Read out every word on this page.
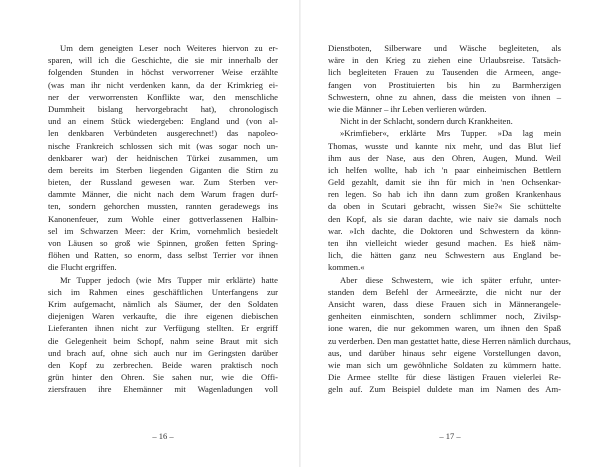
Um dem geneigten Leser noch Weiteres hiervon zu er-
sparen, will ich die Geschichte, die sie mir innerhalb der
folgenden Stunden in höchst verworrener Weise erzählte
(was man ihr nicht verdenken kann, da der Krimkrieg ei-
ner der verworrensten Konflikte war, den menschliche
Dummheit bislang hervorgebracht hat), chronologisch
und an einem Stück wiedergeben: England und (von al-
len denkbaren Verbündeten ausgerechnet!) das napoleo-
nische Frankreich schlossen sich mit (was sogar noch un-
denkbarer war) der heidnischen Türkei zusammen, um
dem bereits im Sterben liegenden Giganten die Stirn zu
bieten, der Russland gewesen war. Zum Sterben ver-
dammte Männer, die nicht nach dem Warum fragen durf-
ten, sondern gehorchen mussten, rannten geradewegs ins
Kanonenfeuer, zum Wohle einer gottverlassenen Halbin-
sel im Schwarzen Meer: der Krim, vornehmlich besiedelt
von Läusen so groß wie Spinnen, großen fetten Spring-
flöhen und Ratten, so enorm, dass selbst Terrier vor ihnen
die Flucht ergriffen.
Mr Tupper jedoch (wie Mrs Tupper mir erklärte) hatte
sich im Rahmen eines geschäftlichen Unterfangens zur
Krim aufgemacht, nämlich als Säumer, der den Soldaten
diejenigen Waren verkaufte, die ihre eigenen diebischen
Lieferanten ihnen nicht zur Verfügung stellten. Er ergriff
die Gelegenheit beim Schopf, nahm seine Braut mit sich
und brach auf, ohne sich auch nur im Geringsten darüber
den Kopf zu zerbrechen. Beide waren praktisch noch
grün hinter den Ohren. Sie sahen nur, wie die Offi-
ziersfrauen ihre Ehemänner mit Wagenladungen voll
– 16 –	– 17 –
Dienstboten, Silberware und Wäsche begleiteten, als
wäre in den Krieg zu ziehen eine Urlaubsreise. Tatsäch-
lich begleiteten Frauen zu Tausenden die Armeen, ange-
fangen von Prostituierten bis hin zu Barmherzigen
Schwestern, ohne zu ahnen, dass die meisten von ihnen –
wie die Männer – ihr Leben verlieren würden.
Nicht in der Schlacht, sondern durch Krankheiten.
»Krimfieber«, erklärte Mrs Tupper. »Da lag mein
Thomas, wusste und kannte nix mehr, und das Blut lief
ihm aus der Nase, aus den Ohren, Augen, Mund. Weil
ich helfen wollte, hab ich 'n paar einheimischen Bettlern
Geld gezahlt, damit sie ihn für mich in 'nen Ochsenkar-
ren legen. So hab ich ihn dann zum großen Krankenhaus
da oben in Scutari gebracht, wissen Sie?« Sie schüttelte
den Kopf, als sie daran dachte, wie naiv sie damals noch
war. »Ich dachte, die Doktoren und Schwestern da könn-
ten ihn vielleicht wieder gesund machen. Es hieß näm-
lich, die hätten ganz neu Schwestern aus England be-
kommen.«
Aber diese Schwestern, wie ich später erfuhr, unter-
standen dem Befehl der Armeeärzte, die nicht nur der
Ansicht waren, dass diese Frauen sich in Männerangele-
genheiten einmischten, sondern schlimmer noch, Zivilsp-
ione waren, die nur gekommen waren, um ihnen den Spaß
zu verderben. Den man gestattet hatte, diese Herren nämlich durchaus,
aus, und darüber hinaus sehr eigene Vorstellungen davon,
wie man sich um gewöhnliche Soldaten zu kümmern hatte.
Die Armee stellte für diese lästigen Frauen vielerlei Re-
geln auf. Zum Beispiel duldete man im Namen des Am-
